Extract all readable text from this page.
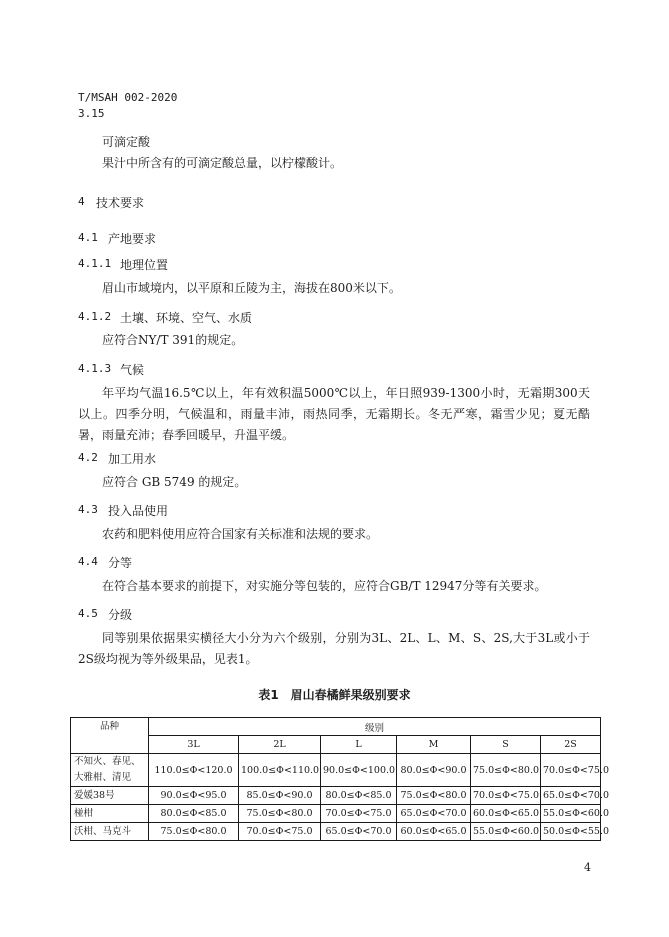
T/MSAH 002-2020
3.15
可滴定酸
果汁中所含有的可滴定酸总量，以柠檬酸计。
4 技术要求
4.1 产地要求
4.1.1 地理位置
眉山市域境内，以平原和丘陵为主，海拔在800米以下。
4.1.2 土壤、环境、空气、水质
应符合NY/T 391的规定。
4.1.3 气候
年平均气温16.5℃以上，年有效积温5000℃以上，年日照939-1300小时，无霜期300天以上。四季分明，气候温和，雨量丰沛，雨热同季，无霜期长。冬无严寒，霜雪少见；夏无酷暑，雨量充沛；春季回暖早，升温平缓。
4.2 加工用水
应符合 GB 5749 的规定。
4.3 投入品使用
农药和肥料使用应符合国家有关标准和法规的要求。
4.4 分等
在符合基本要求的前提下，对实施分等包装的，应符合GB/T 12947分等有关要求。
4.5 分级
同等别果依据果实横径大小分为六个级别，分别为3L、2L、L、M、S、2S,大于3L或小于2S级均视为等外级果品，见表1。
表1　眉山春橘鲜果级别要求
品种	级别					
	3L	2L	L	M	S	2S

不知火、春见、
大雅柑、清见	110.0≤Φ<120.0	100.0≤Φ<110.0	90.0≤Φ<100.0	80.0≤Φ<90.0	75.0≤Φ<80.0	70.0≤Φ<75.0

爱媛38号	90.0≤Φ<95.0	85.0≤Φ<90.0	80.0≤Φ<85.0	75.0≤Φ<80.0	70.0≤Φ<75.0	65.0≤Φ<70.0

椪柑	80.0≤Φ<85.0	75.0≤Φ<80.0	70.0≤Φ<75.0	65.0≤Φ<70.0	60.0≤Φ<65.0	55.0≤Φ<60.0

沃柑、马克斗	75.0≤Φ<80.0	70.0≤Φ<75.0	65.0≤Φ<70.0	60.0≤Φ<65.0	55.0≤Φ<60.0	50.0≤Φ<55.0
4
